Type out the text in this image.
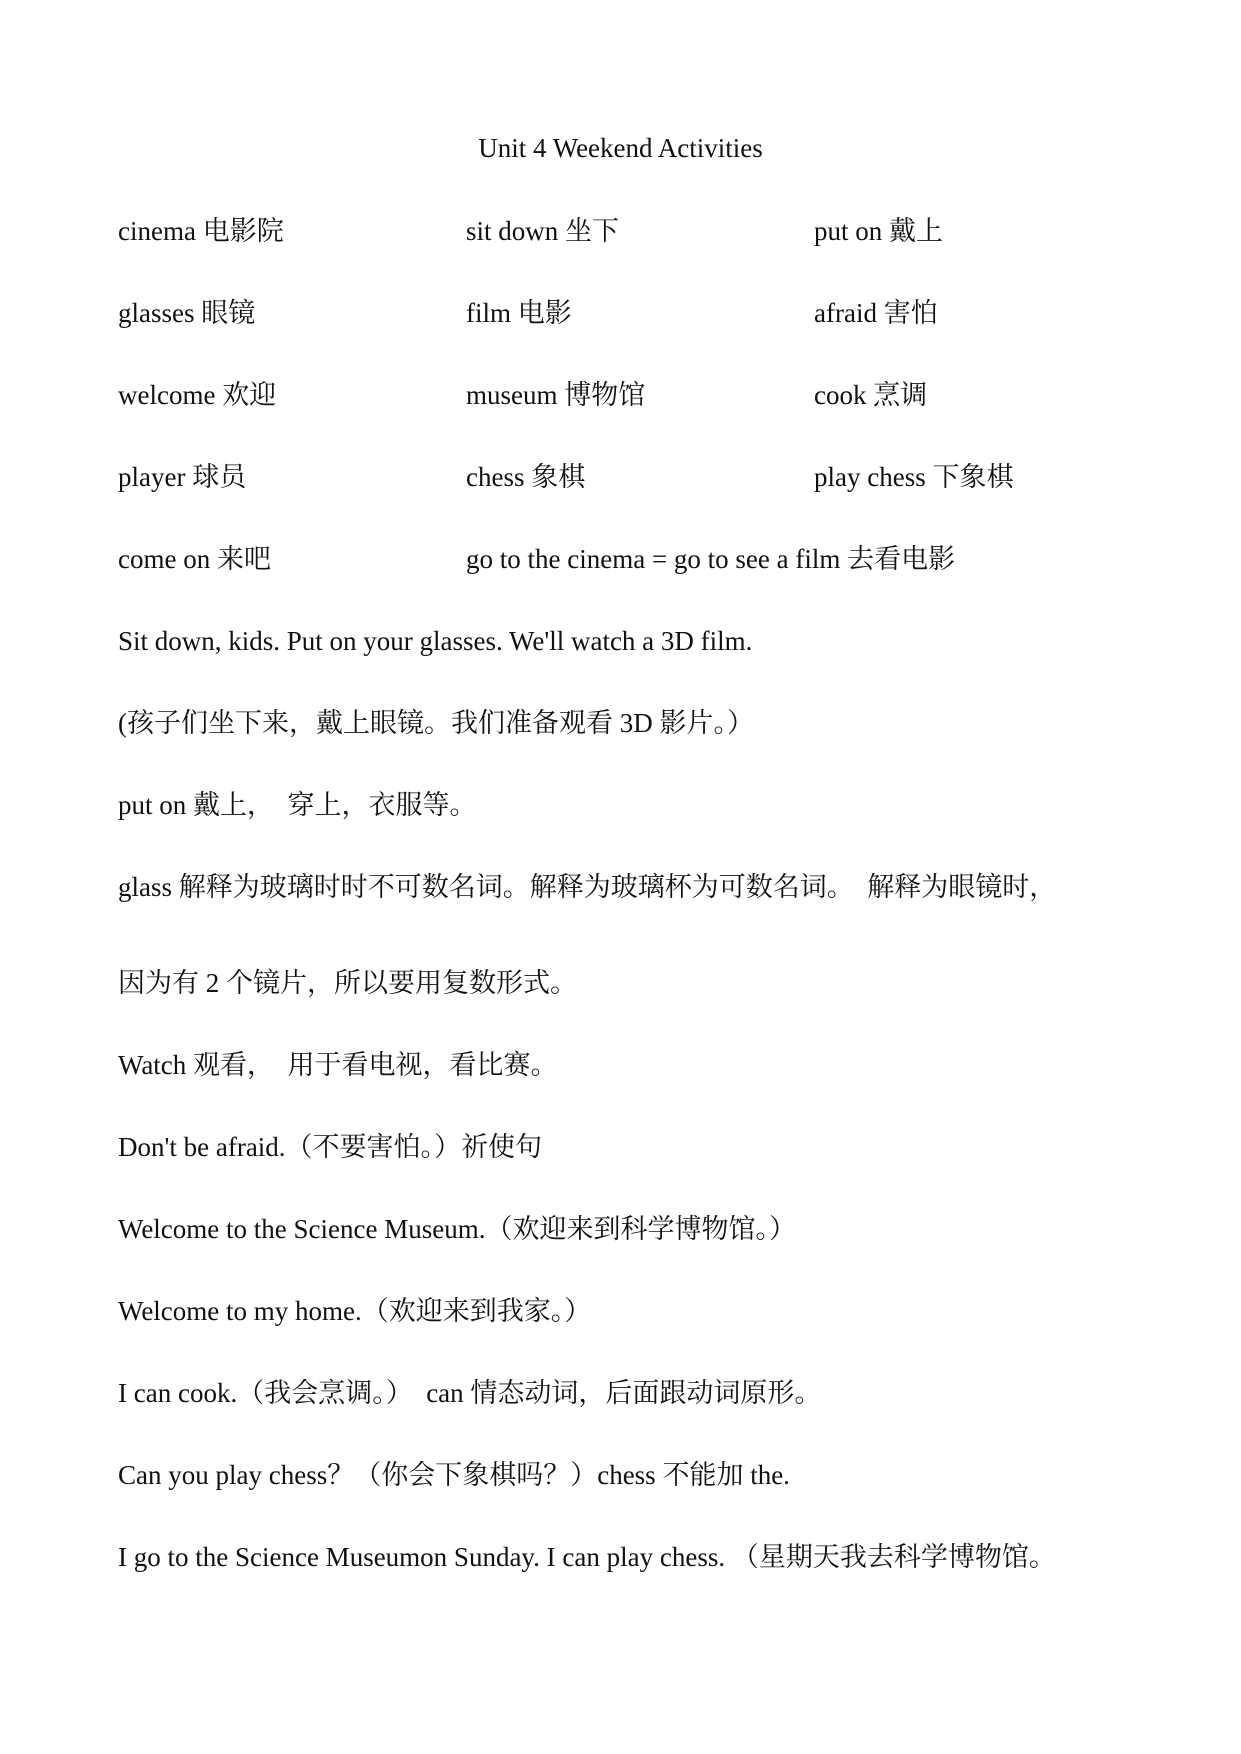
Unit 4 Weekend Activities
cinema 电影院	sit down 坐下	put on 戴上
glasses 眼镜	film 电影	afraid 害怕
welcome 欢迎	museum 博物馆	cook 烹调
player 球员	chess 象棋	play chess 下象棋
come on 来吧	go to the cinema = go to see a film 去看电影
Sit down, kids. Put on your glasses. We'll watch a 3D film.
(孩子们坐下来，戴上眼镜。我们准备观看 3D 影片。）
put on 戴上，　穿上，衣服等。
glass 解释为玻璃时时不可数名词。解释为玻璃杯为可数名词。　解释为眼镜时，
因为有 2 个镜片，所以要用复数形式。
Watch 观看，　用于看电视，看比赛。
Don't be afraid.（不要害怕。）祈使句
Welcome to the Science Museum.（欢迎来到科学博物馆。）
Welcome to my home.（欢迎来到我家。）
I can cook.（我会烹调。）　can 情态动词，后面跟动词原形。
Can you play chess？（你会下象棋吗？）chess 不能加 the.
I go to the Science Museumon Sunday. I can play chess. （星期天我去科学博物馆。
